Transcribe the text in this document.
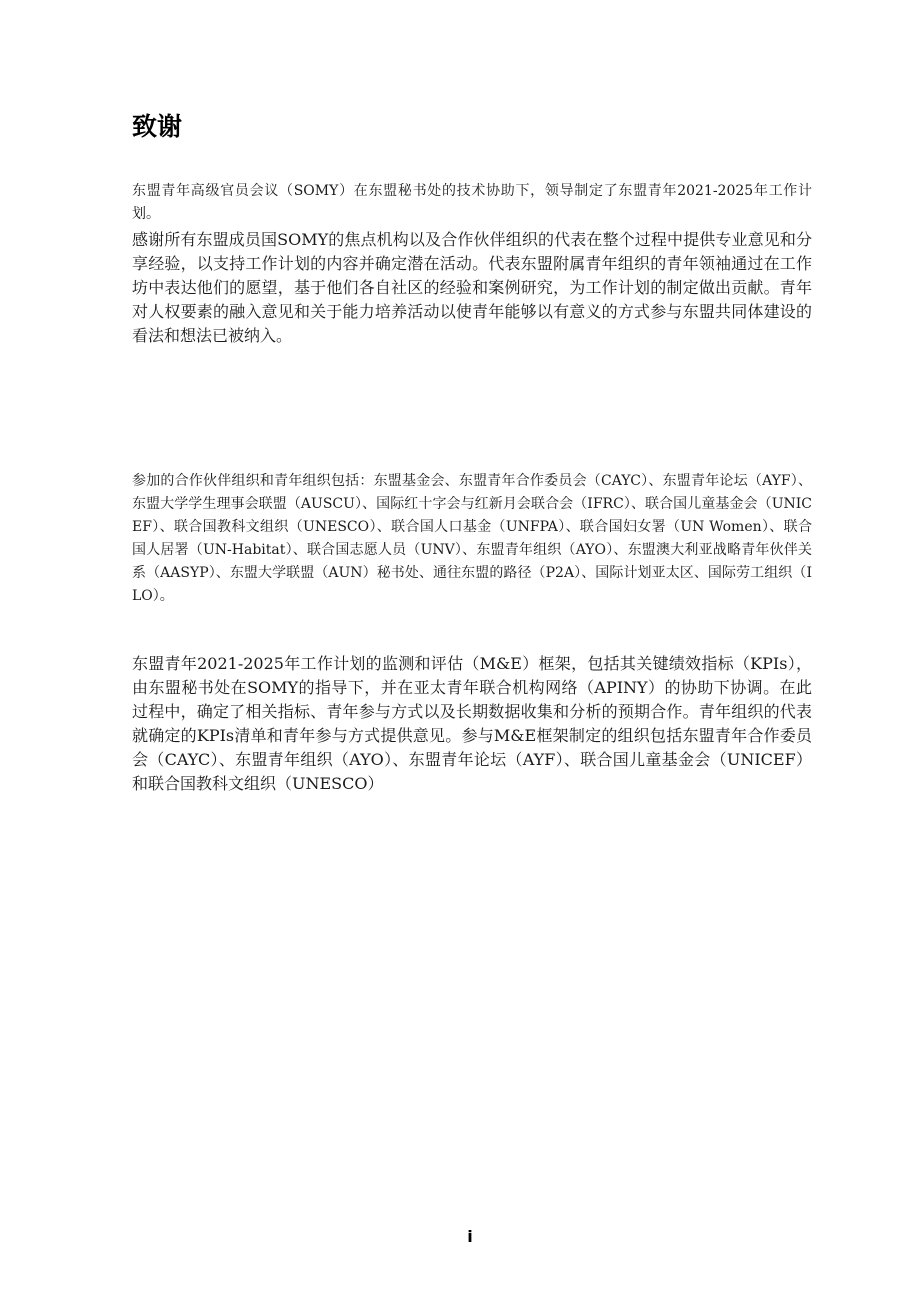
致谢

东盟青年高级官员会议（SOMY）在东盟秘书处的技术协助下，领导制定了东盟青年2021-2025年工作计划。

感谢所有东盟成员国SOMY的焦点机构以及合作伙伴组织的代表在整个过程中提供专业意见和分享经验，以支持工作计划的内容并确定潜在活动。代表东盟附属青年组织的青年领袖通过在工作坊中表达他们的愿望，基于他们各自社区的经验和案例研究，为工作计划的制定做出贡献。青年对人权要素的融入意见和关于能力培养活动以使青年能够以有意义的方式参与东盟共同体建设的看法和想法已被纳入。

参加的合作伙伴组织和青年组织包括：东盟基金会、东盟青年合作委员会（CAYC）、东盟青年论坛（AYF）、东盟大学学生理事会联盟（AUSCU）、国际红十字会与红新月会联合会（IFRC）、联合国儿童基金会（UNICEF）、联合国教科文组织（UNESCO）、联合国人口基金（UNFPA）、联合国妇女署（UN Women）、联合国人居署（UN-Habitat）、联合国志愿人员（UNV）、东盟青年组织（AYO）、东盟澳大利亚战略青年伙伴关系（AASYP）、东盟大学联盟（AUN）秘书处、通往东盟的路径（P2A）、国际计划亚太区、国际劳工组织（ILO）。

东盟青年2021-2025年工作计划的监测和评估（M&E）框架，包括其关键绩效指标（KPIs），由东盟秘书处在SOMY的指导下，并在亚太青年联合机构网络（APINY）的协助下协调。在此过程中，确定了相关指标、青年参与方式以及长期数据收集和分析的预期合作。青年组织的代表就确定的KPIs清单和青年参与方式提供意见。参与M&E框架制定的组织包括东盟青年合作委员会（CAYC）、东盟青年组织（AYO）、东盟青年论坛（AYF）、联合国儿童基金会（UNICEF）和联合国教科文组织（UNESCO）

i
